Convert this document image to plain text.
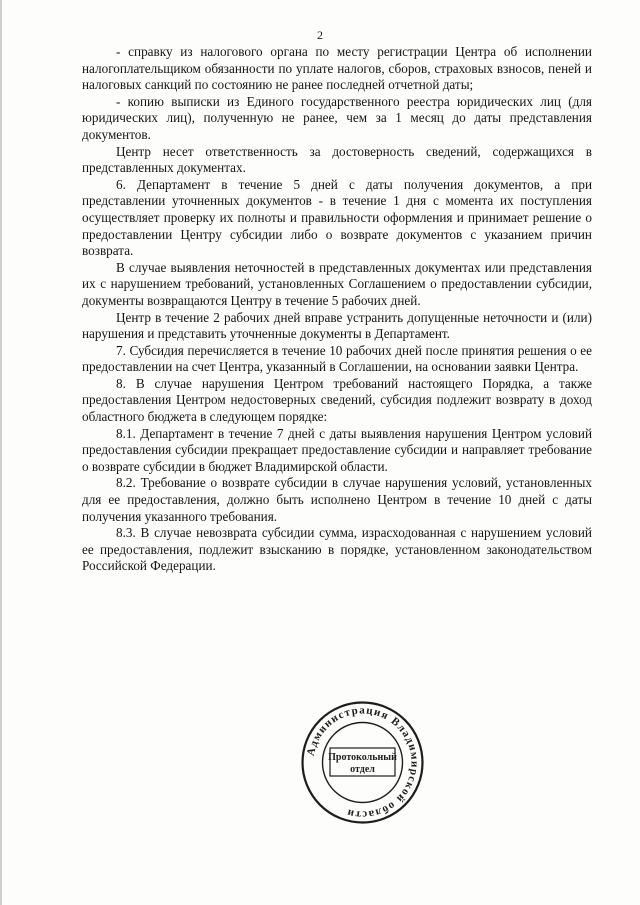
2

- справку из налогового органа по месту регистрации Центра об исполнении налогоплательщиком обязанности по уплате налогов, сборов, страховых взносов, пеней и налоговых санкций по состоянию не ранее последней отчетной даты;

- копию выписки из Единого государственного реестра юридических лиц (для юридических лиц), полученную не ранее, чем за 1 месяц до даты представления документов.

Центр несет ответственность за достоверность сведений, содержащихся в представленных документах.

6. Департамент в течение 5 дней с даты получения документов, а при представлении уточненных документов - в течение 1 дня с момента их поступления осуществляет проверку их полноты и правильности оформления и принимает решение о предоставлении Центру субсидии либо о возврате документов с указанием причин возврата.

В случае выявления неточностей в представленных документах или представления их с нарушением требований, установленных Соглашением о предоставлении субсидии, документы возвращаются Центру в течение 5 рабочих дней.

Центр в течение 2 рабочих дней вправе устранить допущенные неточности и (или) нарушения и представить уточненные документы в Департамент.

7. Субсидия перечисляется в течение 10 рабочих дней после принятия решения о ее предоставлении на счет Центра, указанный в Соглашении, на основании заявки Центра.

8. В случае нарушения Центром требований настоящего Порядка, а также предоставления Центром недостоверных сведений, субсидия подлежит возврату в доход областного бюджета в следующем порядке:

8.1. Департамент в течение 7 дней с даты выявления нарушения Центром условий предоставления субсидии прекращает предоставление субсидии и направляет требование о возврате субсидии в бюджет Владимирской области.

8.2. Требование о возврате субсидии в случае нарушения условий, установленных для ее предоставления, должно быть исполнено Центром в течение 10 дней с даты получения указанного требования.

8.3. В случае невозврата субсидии сумма, израсходованная с нарушением условий ее предоставления, подлежит взысканию в порядке, установленном законодательством Российской Федерации.

Администрация Владимирской области
Протокольный
отдел
